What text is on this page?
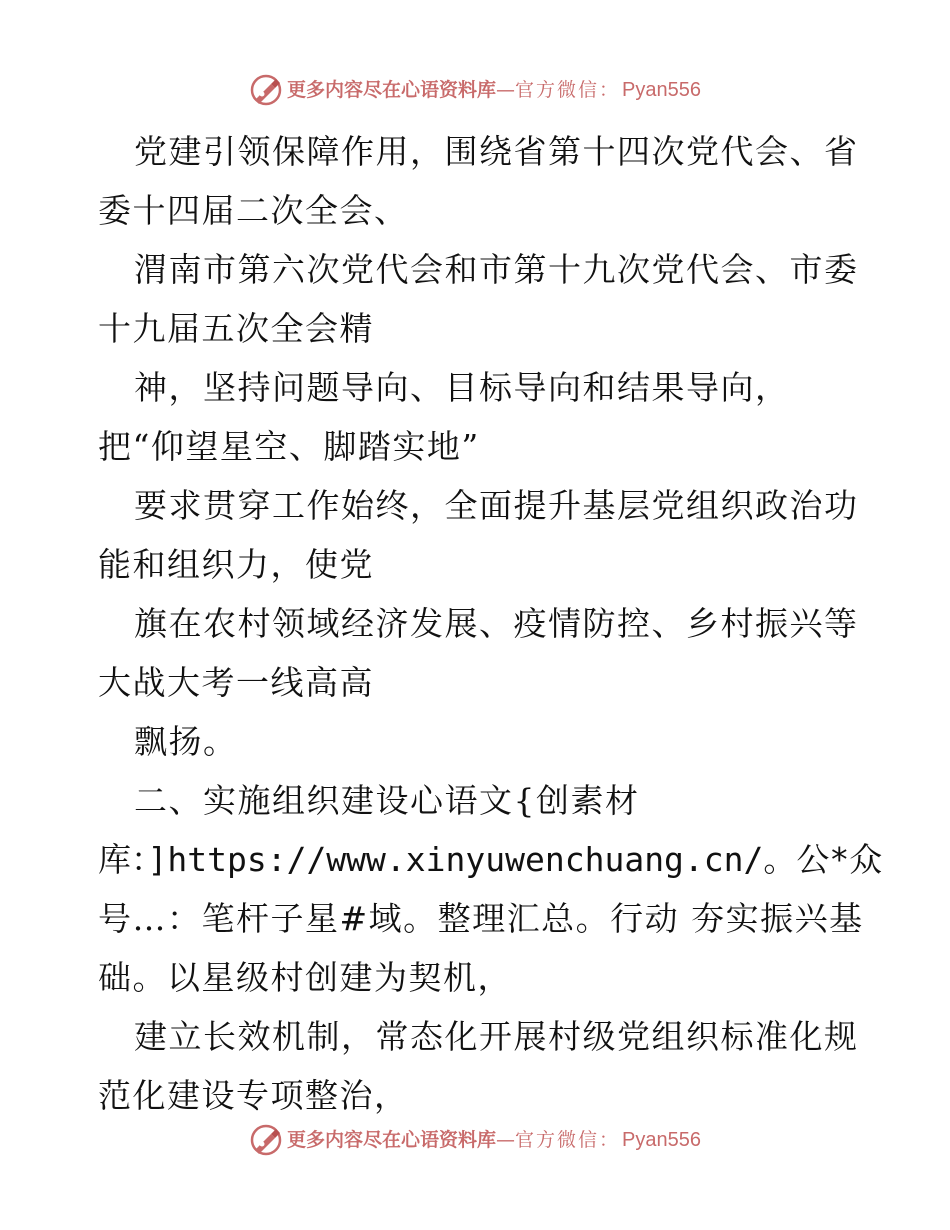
更多内容尽在心语资料库 — 官方微信： Pyan556
党建引领保障作用，围绕省第十四次党代会、省
委十四届二次全会、
渭南市第六次党代会和市第十九次党代会、市委
十九届五次全会精
神，坚持问题导向、目标导向和结果导向，
把“仰望星空、脚踏实地”
要求贯穿工作始终，全面提升基层党组织政治功
能和组织力，使党
旗在农村领域经济发展、疫情防控、乡村振兴等
大战大考一线高高
飘扬。
二、实施组织建设心语文{创素材
库：]https://www.xinyuwenchuang.cn/。公*众
号…：笔杆子星#域。整理汇总。行动 夯实振兴基
础。以星级村创建为契机，
建立长效机制，常态化开展村级党组织标准化规
范化建设专项整治，
更多内容尽在心语资料库 — 官方微信： Pyan556
